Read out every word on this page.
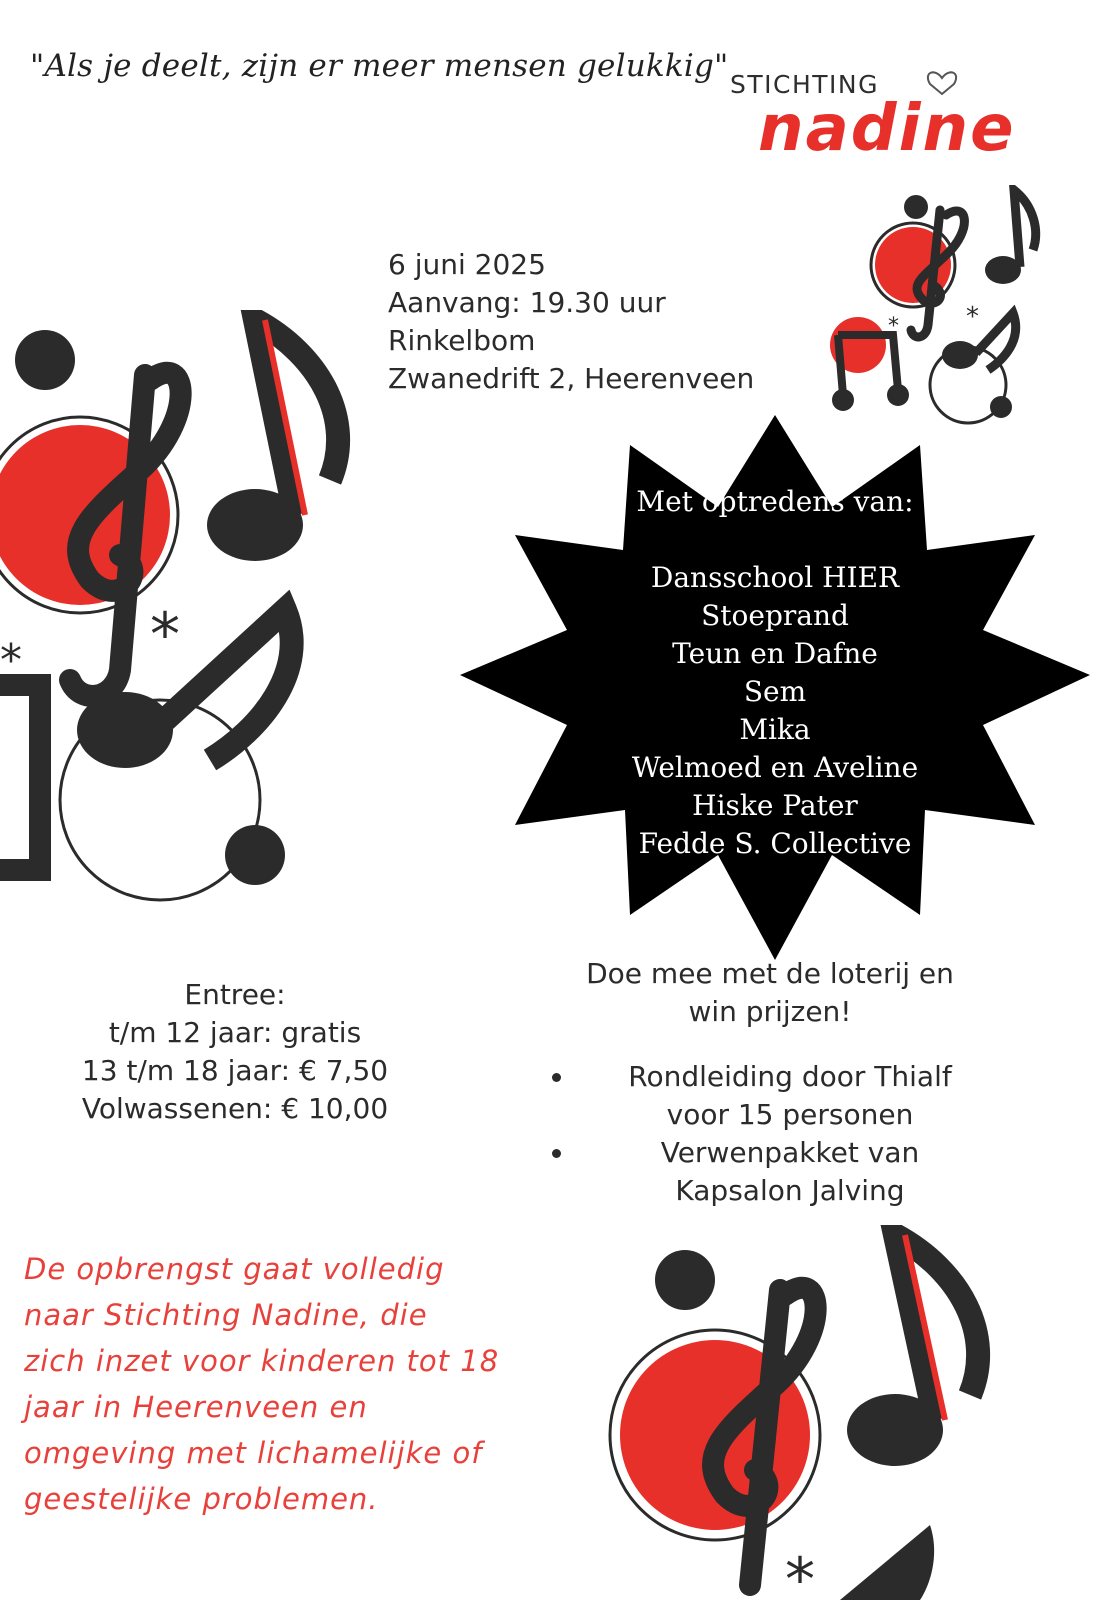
"Als je deelt, zijn er meer mensen gelukkig"
STICHTING
nadine
*
*
*
*
*
6 juni 2025
Aanvang: 19.30 uur
Rinkelbom
Zwanedrift 2, Heerenveen
Met optredens van:
Dansschool HIER
Stoeprand
Teun en Dafne
Sem
Mika
Welmoed en Aveline
Hiske Pater
Fedde S. Collective
Entree:
t/m 12 jaar: gratis
13 t/m 18 jaar: € 7,50
Volwassenen: € 10,00
Doe mee met de loterij en
win prijzen!
Rondleiding door Thialf
voor 15 personen
Verwenpakket van
Kapsalon Jalving
De opbrengst gaat volledig
naar Stichting Nadine, die
zich inzet voor kinderen tot 18
jaar in Heerenveen en
omgeving met lichamelijke of
geestelijke problemen.
